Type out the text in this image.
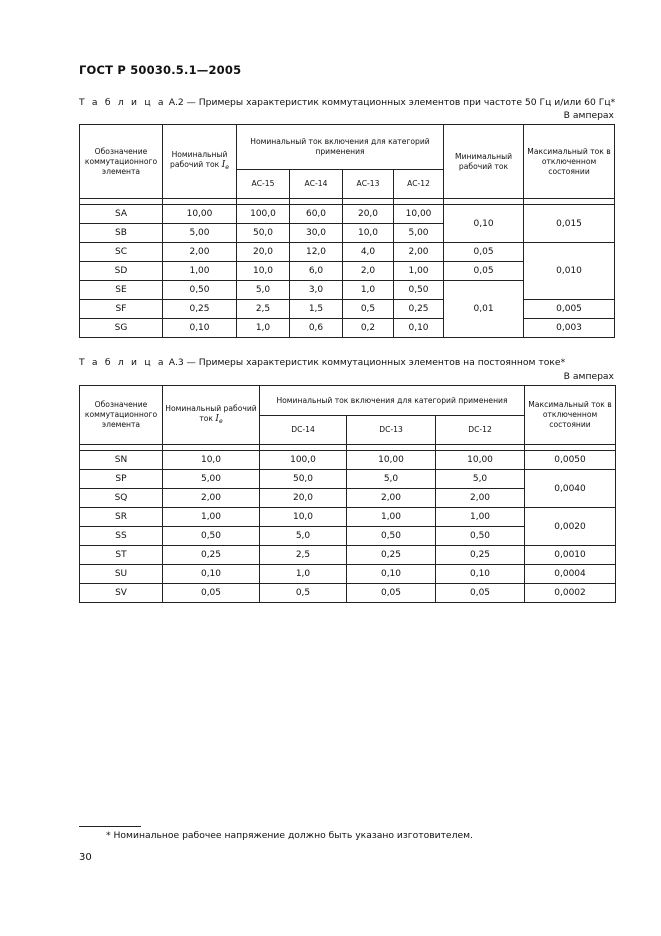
ГОСТ Р 50030.5.1—2005
Т а б л и ц а А.2 — Примеры характеристик коммутационных элементов при частоте 50 Гц и/или 60 Гц*
В амперах
Обозначение коммутационного элемента	Номинальный рабочий ток $I_e$	Номинальный ток включения для категорий применения				Минимальный рабочий ток	Максимальный ток в отключенном состоянии
		АС-15	АС-14	АС-13	АС-12		

SA	10,00	100,0	60,0	20,0	10,00	0,10	0,015
SB	5,00	50,0	30,0	10,0	5,00		
SC	2,00	20,0	12,0	4,0	2,00	0,05	0,010
SD	1,00	10,0	6,0	2,0	1,00	0,05	
SE	0,50	5,0	3,0	1,0	0,50	0,01	
SF	0,25	2,5	1,5	0,5	0,25		0,005
SG	0,10	1,0	0,6	0,2	0,10		0,003
Т а б л и ц а А.3 — Примеры характеристик коммутационных элементов на постоянном токе*
В амперах
Обозначение коммутационного элемента	Номинальный рабочий ток $I_e$	Номинальный ток включения для категорий применения			Максимальный ток в отключенном состоянии
		DC-14	DC-13	DC-12	

SN	10,0	100,0	10,00	10,00	0,0050
SP	5,00	50,0	5,0	5,0	0,0040
SQ	2,00	20,0	2,00	2,00	
SR	1,00	10,0	1,00	1,00	0,0020
SS	0,50	5,0	0,50	0,50	
ST	0,25	2,5	0,25	0,25	0,0010
SU	0,10	1,0	0,10	0,10	0,0004
SV	0,05	0,5	0,05	0,05	0,0002
* Номинальное рабочее напряжение должно быть указано изготовителем.
30
